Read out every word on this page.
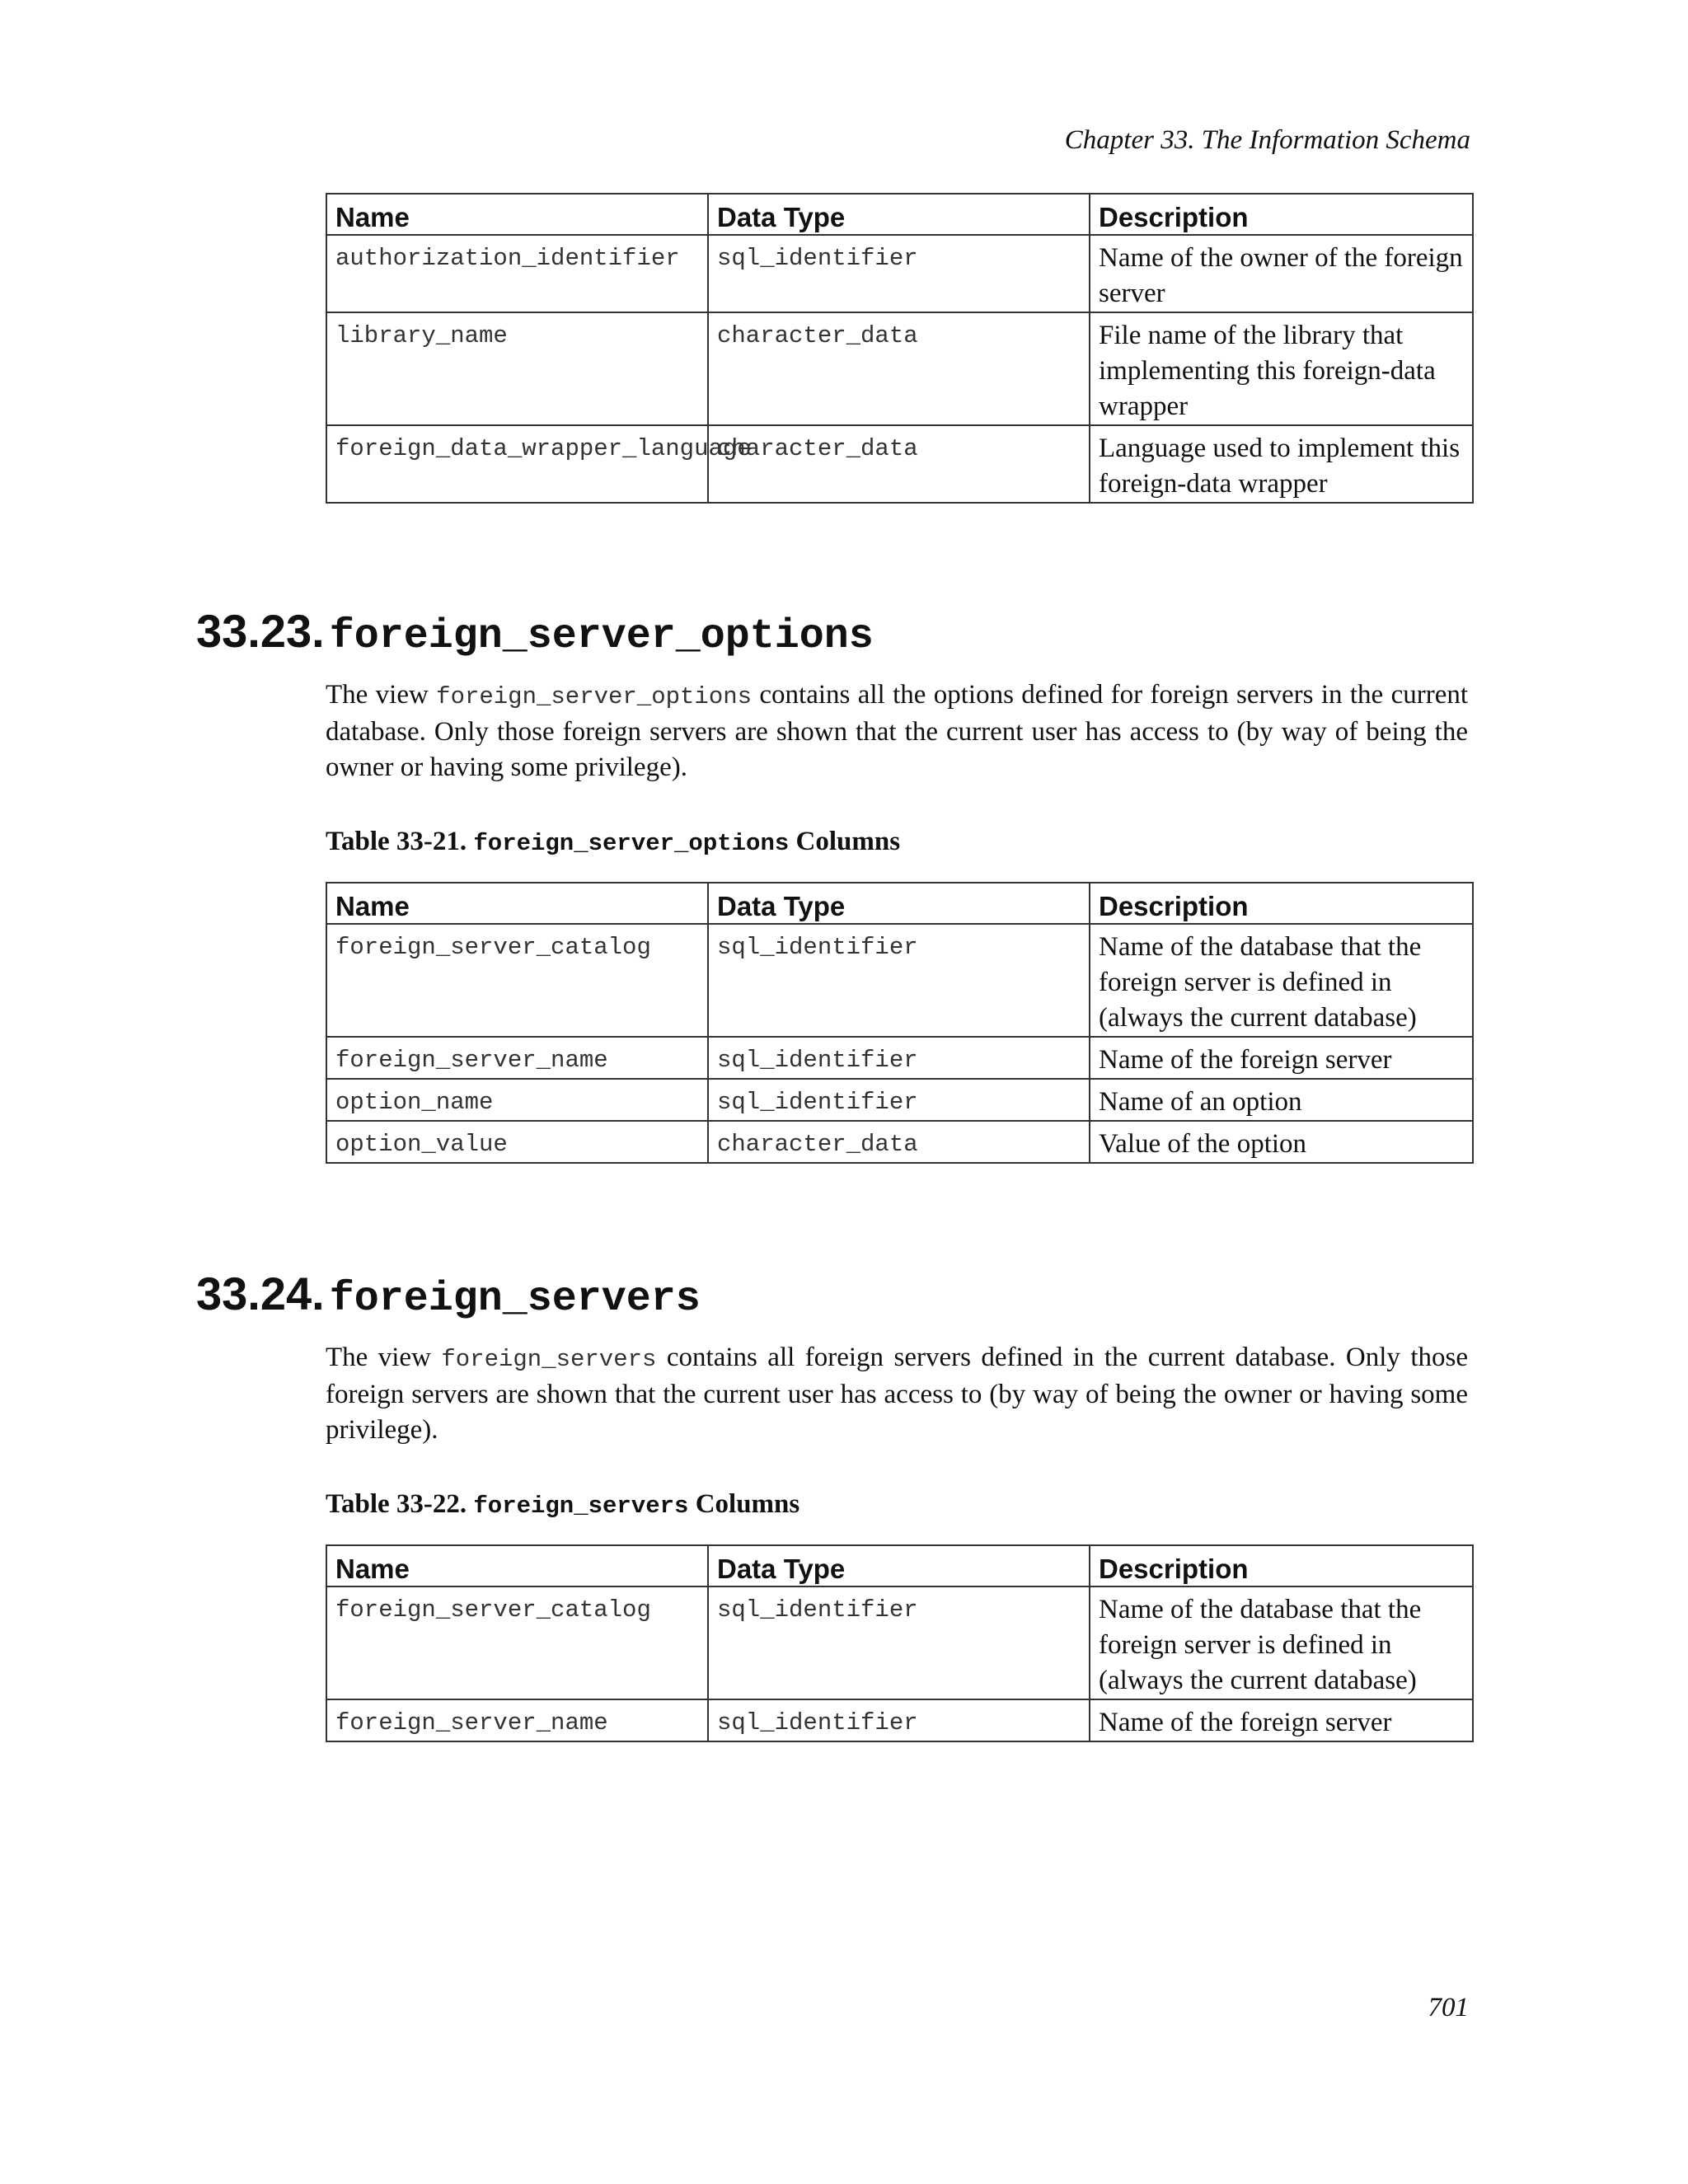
Chapter 33. The Information Schema
Name	Data Type	Description
authorization_identifier	sql_identifier	Name of the owner of the foreign server
library_name	character_data	File name of the library that implementing this foreign-data wrapper
foreign_data_wrapper_language	character_data	Language used to implement this foreign-data wrapper
33.23. foreign_server_options

The view foreign_server_options contains all the options defined for foreign servers in the current database. Only those foreign servers are shown that the current user has access to (by way of being the owner or having some privilege).

Table 33-21. foreign_server_options Columns

Name	Data Type	Description
foreign_server_catalog	sql_identifier	Name of the database that the foreign server is defined in (always the current database)
foreign_server_name	sql_identifier	Name of the foreign server
option_name	sql_identifier	Name of an option
option_value	character_data	Value of the option
33.24. foreign_servers

The view foreign_servers contains all foreign servers defined in the current database. Only those foreign servers are shown that the current user has access to (by way of being the owner or having some privilege).

Table 33-22. foreign_servers Columns

Name	Data Type	Description
foreign_server_catalog	sql_identifier	Name of the database that the foreign server is defined in (always the current database)
foreign_server_name	sql_identifier	Name of the foreign server
701
